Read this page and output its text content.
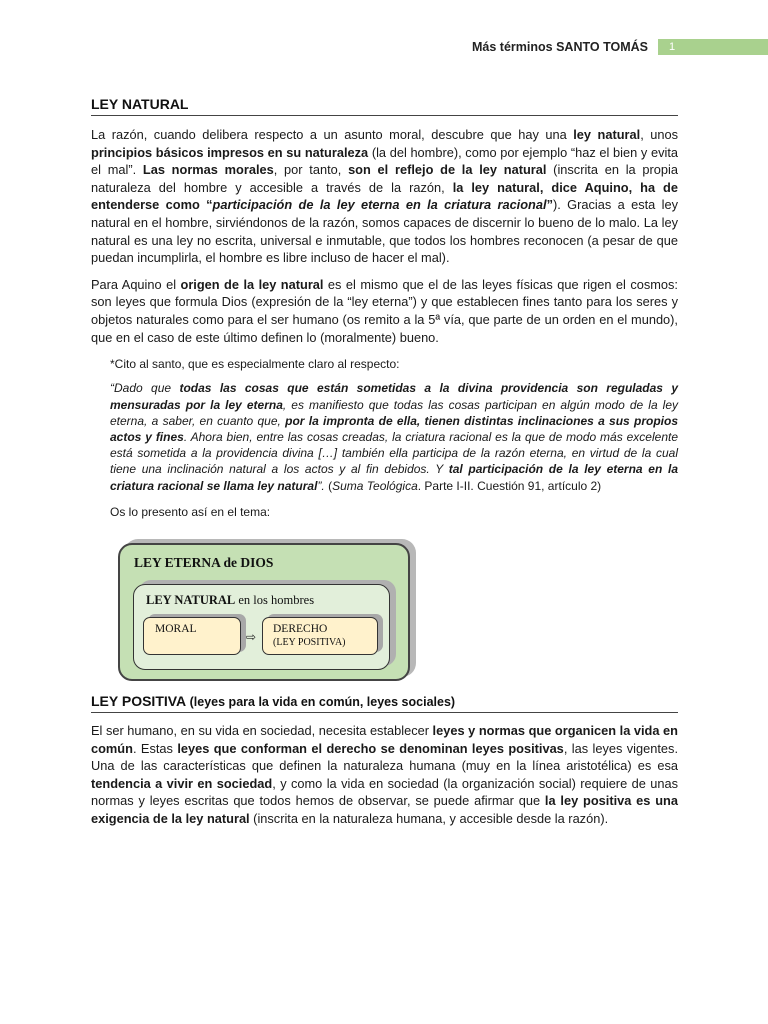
Más términos SANTO TOMÁS	1
LEY NATURAL

La razón, cuando delibera respecto a un asunto moral, descubre que hay una ley natural, unos principios básicos impresos en su naturaleza (la del hombre), como por ejemplo “haz el bien y evita el mal”. Las normas morales, por tanto, son el reflejo de la ley natural (inscrita en la propia naturaleza del hombre y accesible a través de la razón, la ley natural, dice Aquino, ha de entenderse como “participación de la ley eterna en la criatura racional”). Gracias a esta ley natural en el hombre, sirviéndonos de la razón, somos capaces de discernir lo bueno de lo malo. La ley natural es una ley no escrita, universal e inmutable, que todos los hombres reconocen (a pesar de que puedan incumplirla, el hombre es libre incluso de hacer el mal).

Para Aquino el origen de la ley natural es el mismo que el de las leyes físicas que rigen el cosmos: son leyes que formula Dios (expresión de la “ley eterna”) y que establecen fines tanto para los seres y objetos naturales como para el ser humano (os remito a la 5ª vía, que parte de un orden en el mundo), que en el caso de este último definen lo (moralmente) bueno.

*Cito al santo, que es especialmente claro al respecto:

“Dado que todas las cosas que están sometidas a la divina providencia son reguladas y mensuradas por la ley eterna, es manifiesto que todas las cosas participan en algún modo de la ley eterna, a saber, en cuanto que, por la impronta de ella, tienen distintas inclinaciones a sus propios actos y fines. Ahora bien, entre las cosas creadas, la criatura racional es la que de modo más excelente está sometida a la providencia divina […] también ella participa de la razón eterna, en virtud de la cual tiene una inclinación natural a los actos y al fin debidos. Y tal participación de la ley eterna en la criatura racional se llama ley natural”. (Suma Teológica. Parte I-II. Cuestión 91, artículo 2)

Os lo presento así en el tema:

LEY ETERNA de DIOS
LEY NATURAL en los hombres
MORAL
⇨
DERECHO
(LEY POSITIVA)
LEY POSITIVA (leyes para la vida en común, leyes sociales)

El ser humano, en su vida en sociedad, necesita establecer leyes y normas que organicen la vida en común. Estas leyes que conforman el derecho se denominan leyes positivas, las leyes vigentes. Una de las características que definen la naturaleza humana (muy en la línea aristotélica) es esa tendencia a vivir en sociedad, y como la vida en sociedad (la organización social) requiere de unas normas y leyes escritas que todos hemos de observar, se puede afirmar que la ley positiva es una exigencia de la ley natural (inscrita en la naturaleza humana, y accesible desde la razón).
